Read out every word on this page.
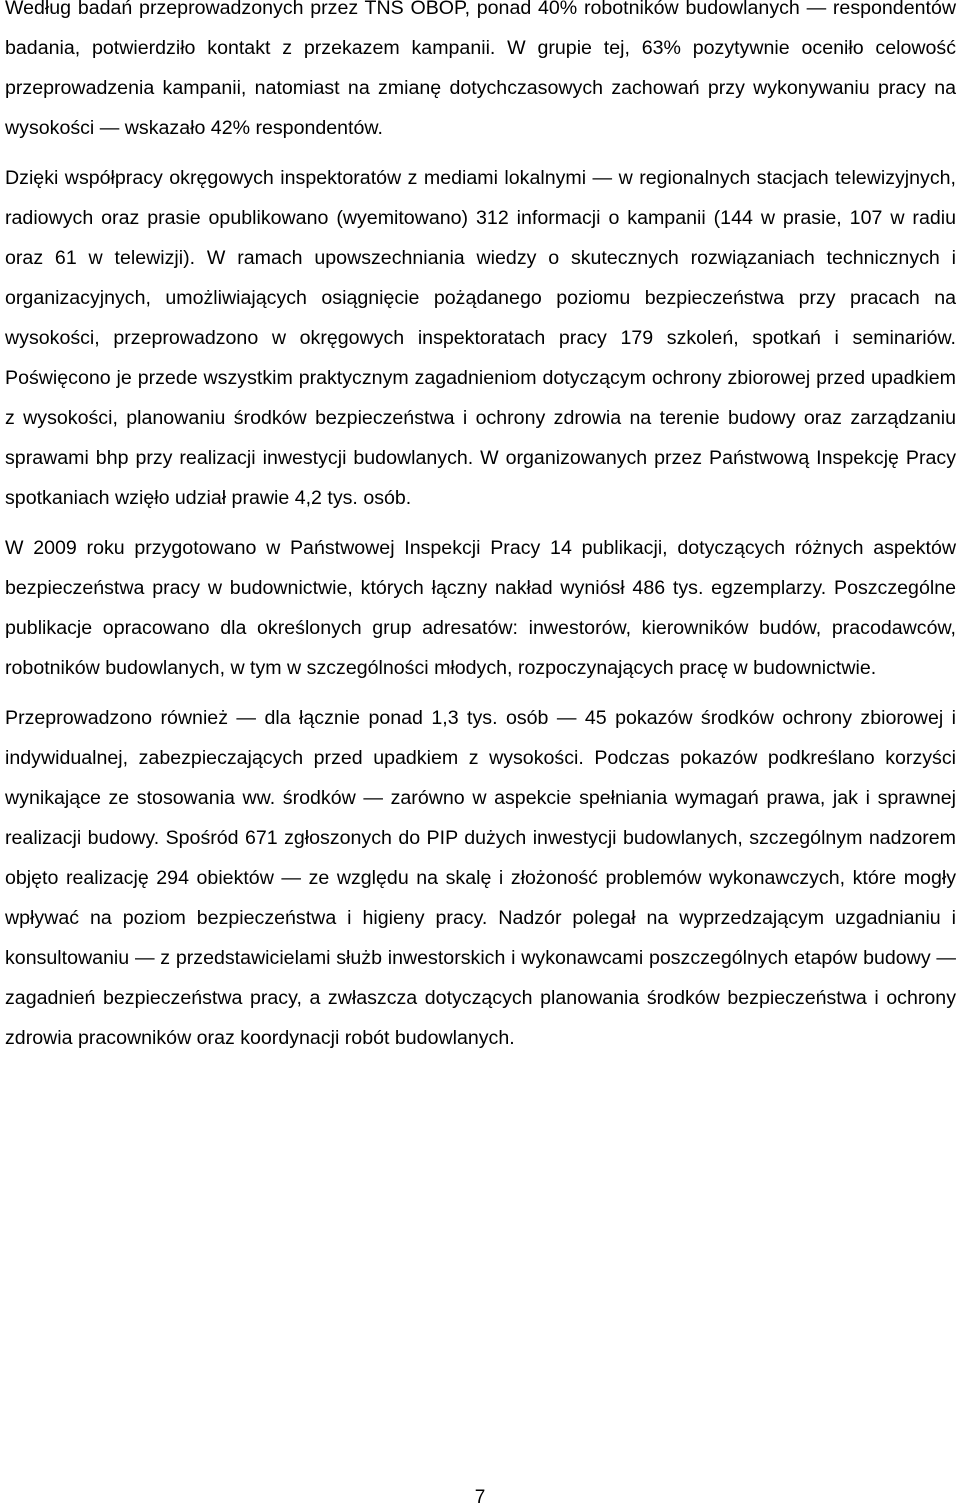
Według badań przeprowadzonych przez TNS OBOP, ponad 40% robotników budowlanych — respondentów badania, potwierdziło kontakt z przekazem kampanii. W grupie tej, 63% pozytywnie oceniło celowość przeprowadzenia kampanii, natomiast na zmianę dotychczasowych zachowań przy wykonywaniu pracy na wysokości — wskazało 42% respondentów.

Dzięki współpracy okręgowych inspektoratów z mediami lokalnymi — w regionalnych stacjach telewizyjnych, radiowych oraz prasie opublikowano (wyemitowano) 312 informacji o kampanii (144 w prasie, 107 w radiu oraz 61 w telewizji). W ramach upowszechniania wiedzy o skutecznych rozwiązaniach technicznych i organizacyjnych, umożliwiających osiągnięcie pożądanego poziomu bezpieczeństwa przy pracach na wysokości, przeprowadzono w okręgowych inspektoratach pracy 179 szkoleń, spotkań i seminariów. Poświęcono je przede wszystkim praktycznym zagadnieniom dotyczącym ochrony zbiorowej przed upadkiem z wysokości, planowaniu środków bezpieczeństwa i ochrony zdrowia na terenie budowy oraz zarządzaniu sprawami bhp przy realizacji inwestycji budowlanych. W organizowanych przez Państwową Inspekcję Pracy spotkaniach wzięło udział prawie 4,2 tys. osób.

W 2009 roku przygotowano w Państwowej Inspekcji Pracy 14 publikacji, dotyczących różnych aspektów bezpieczeństwa pracy w budownictwie, których łączny nakład wyniósł 486 tys. egzemplarzy. Poszczególne publikacje opracowano dla określonych grup adresatów: inwestorów, kierowników budów, pracodawców, robotników budowlanych, w tym w szczególności młodych, rozpoczynających pracę w budownictwie.

Przeprowadzono również — dla łącznie ponad 1,3 tys. osób — 45 pokazów środków ochrony zbiorowej i indywidualnej, zabezpieczających przed upadkiem z wysokości. Podczas pokazów podkreślano korzyści wynikające ze stosowania ww. środków — zarówno w aspekcie spełniania wymagań prawa, jak i sprawnej realizacji budowy. Spośród 671 zgłoszonych do PIP dużych inwestycji budowlanych, szczególnym nadzorem objęto realizację 294 obiektów — ze względu na skalę i złożoność problemów wykonawczych, które mogły wpływać na poziom bezpieczeństwa i higieny pracy. Nadzór polegał na wyprzedzającym uzgadnianiu i konsultowaniu — z przedstawicielami służb inwestorskich i wykonawcami poszczególnych etapów budowy — zagadnień bezpieczeństwa pracy, a zwłaszcza dotyczących planowania środków bezpieczeństwa i ochrony zdrowia pracowników oraz koordynacji robót budowlanych.

7
